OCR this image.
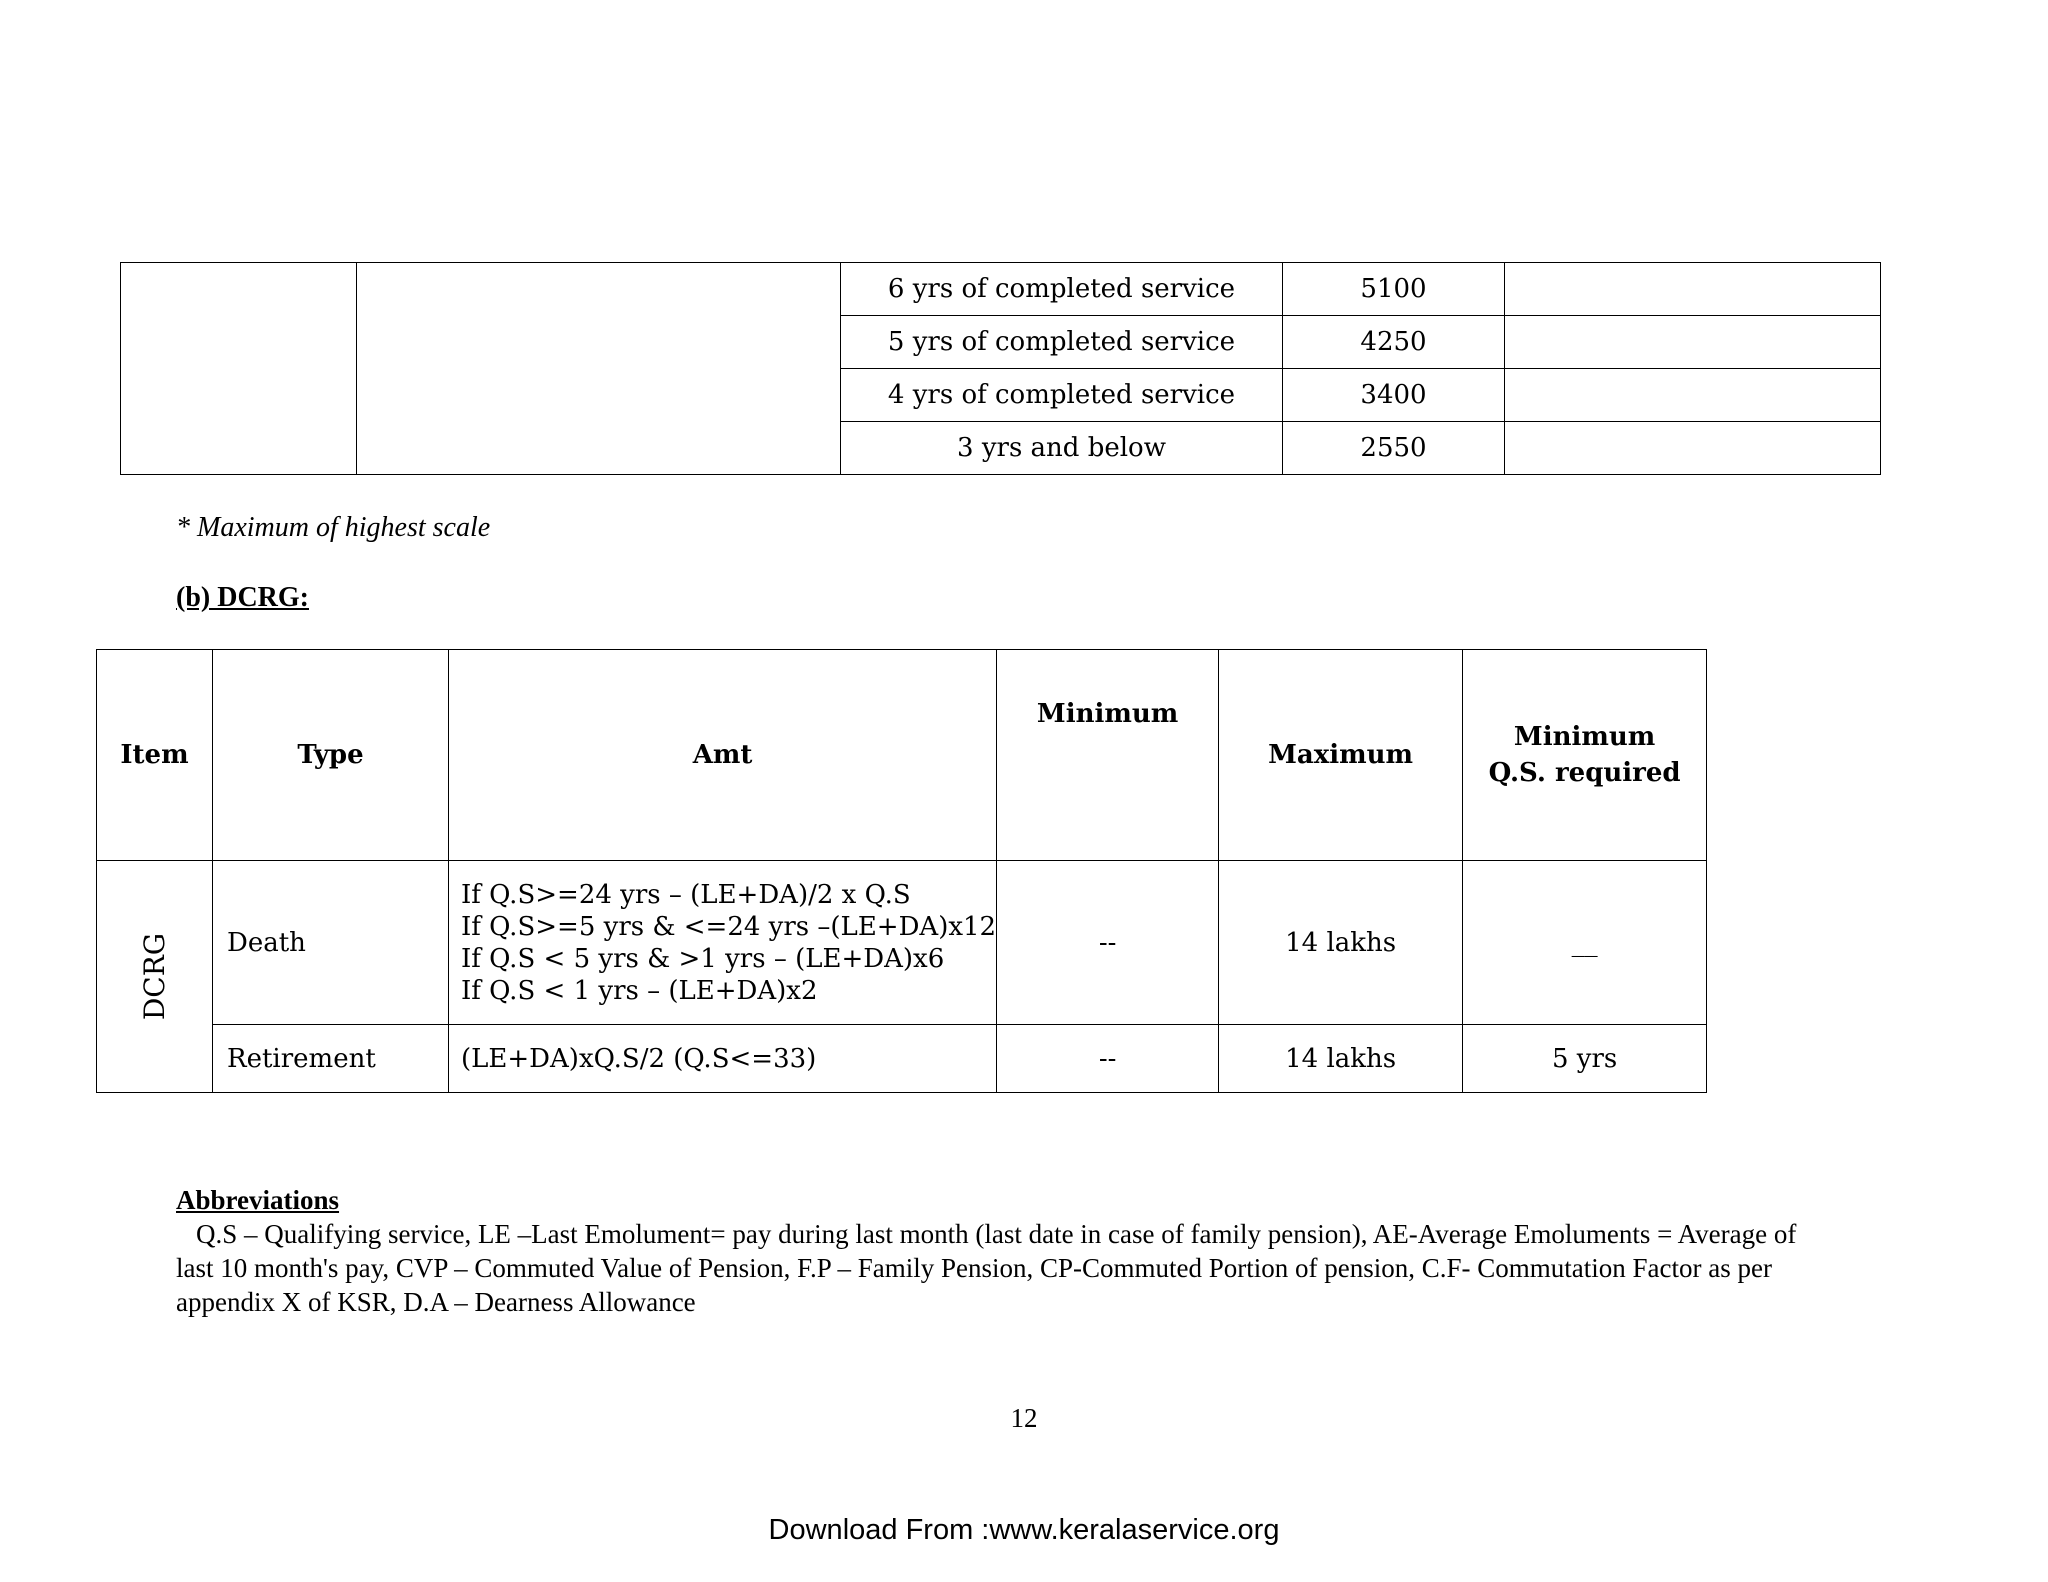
		6 yrs of completed service	5100	
		5 yrs of completed service	4250	
		4 yrs of completed service	3400	
		3 yrs and below	2550	
* Maximum of highest scale
(b) DCRG:
Item	Type	Amt	Minimum	Maximum	Minimum Q.S. required
DCRG	Death	If Q.S>=24 yrs – (LE+DA)/2 x Q.S
If Q.S>=5 yrs & <=24 yrs –(LE+DA)x12
If Q.S < 5 yrs & >1 yrs – (LE+DA)x6
If Q.S < 1 yrs – (LE+DA)x2	--	14 lakhs	__
	Retirement	(LE+DA)xQ.S/2 (Q.S<=33)	--	14 lakhs	5 yrs
Abbreviations
Q.S – Qualifying service, LE –Last Emolument= pay during last month (last date in case of family pension), AE-Average Emoluments = Average of last 10 month's pay, CVP – Commuted Value of Pension, F.P – Family Pension, CP-Commuted Portion of pension, C.F- Commutation Factor as per appendix X of KSR, D.A – Dearness Allowance
12
Download From :www.keralaservice.org
